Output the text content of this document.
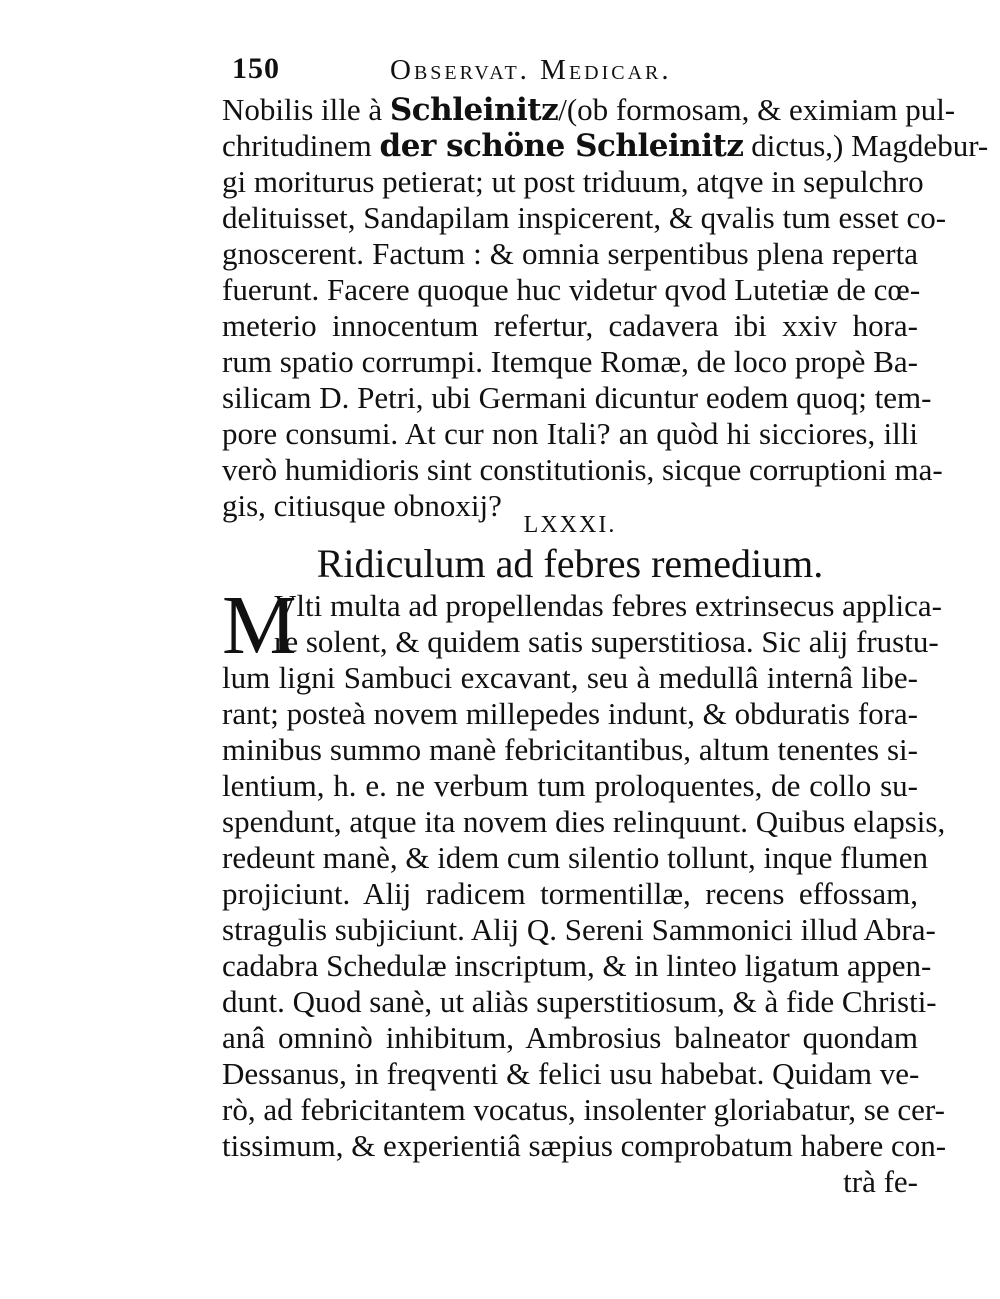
150	Observat. Medicar.
Nobilis ille à Schleinitz/(ob formosam, & eximiam pul-
chritudinem der schöne Schleinitz dictus,) Magdebur-
gi moriturus petierat; ut post triduum, atqve in sepulchro
delituisset, Sandapilam inspicerent, & qvalis tum esset co-
gnoscerent. Factum : & omnia serpentibus plena reperta
fuerunt. Facere quoque huc videtur qvod Lutetiæ de cœ-
meterio innocentum refertur, cadavera ibi xxiv hora-
rum spatio corrumpi. Itemque Romæ, de loco propè Ba-
silicam D. Petri, ubi Germani dicuntur eodem quoq; tem-
pore consumi. At cur non Itali? an quòd hi sicciores, illi
verò humidioris sint constitutionis, sicque corruptioni ma-
gis, citiusque obnoxij?
LXXXI.
Ridiculum ad febres remedium.
M
Vlti multa ad propellendas febres extrinsecus applica-
re solent, & quidem satis superstitiosa. Sic alij frustu-
lum ligni Sambuci excavant, seu à medullâ internâ libe-
rant; posteà novem millepedes indunt, & obduratis fora-
minibus summo manè febricitantibus, altum tenentes si-
lentium, h. e. ne verbum tum proloquentes, de collo su-
spendunt, atque ita novem dies relinquunt. Quibus elapsis,
redeunt manè, & idem cum silentio tollunt, inque flumen
projiciunt. Alij radicem tormentillæ, recens effossam,
stragulis subjiciunt. Alij Q. Sereni Sammonici illud Abra-
cadabra Schedulæ inscriptum, & in linteo ligatum appen-
dunt. Quod sanè, ut aliàs superstitiosum, & à fide Christi-
anâ omninò inhibitum, Ambrosius balneator quondam
Dessanus, in freqventi & felici usu habebat. Quidam ve-
rò, ad febricitantem vocatus, insolenter gloriabatur, se cer-
tissimum, & experientiâ sæpius comprobatum habere con-
trà fe-
